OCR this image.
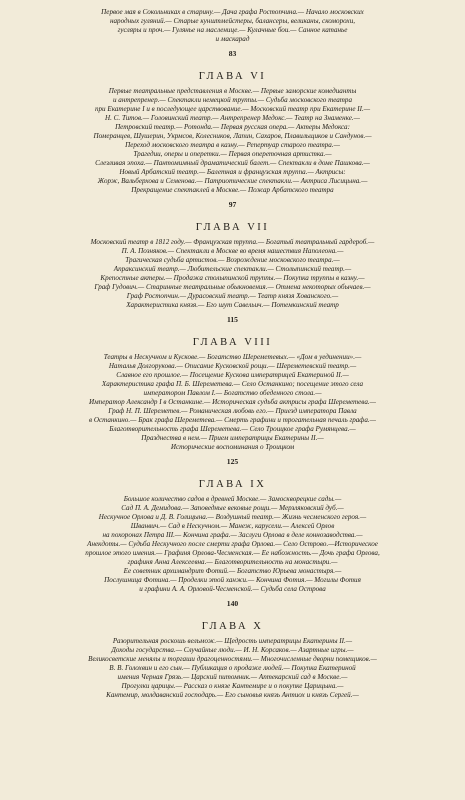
Первое мая в Сокольниках в старину.— Дача графа Ростопчина.— Начало московских
народных гуляний.— Старые кунштмейстеры, балансеры, великаны, скоморохи,
гусляры и проч.— Гулянье на масленице.— Кулачные бои.— Санное катанье
и маскарад
83
ГЛАВА VI
Первые театральные представления в Москве.— Первые заморские комедианты
и антрепренер.— Спектакли немецкой труппы.— Судьба московского театра
при Екатерине I и в последующее царствование.— Московский театр при Екатерине II.—
Н. С. Титов.— Головинский театр.— Антрепренер Медокс.— Театр на Знаменке.—
Петровский театр.— Ротонда.— Первая русская опера.— Актеры Медокса:
Померанцев, Шушерин, Укрмсов, Колесников, Лапин, Сахаров, Плавильщиков и Сандунов.—
Переход московского театра в казну.— Репертуар старого театра.—
Трагедии, оперы и оперетки.— Первая опереточная артистка.—
Слезливая эпоха.— Пантомимный драматический балет.— Спектакли в доме Пашкова.—
Новый Арбатский театр.— Балетная и французская труппа.— Актрисы:
Жорж, Вальберхова и Семенова.— Патриотические спектакли.— Актриса Лисицына.—
Прекращение спектаклей в Москве.— Пожар Арбатского театра
97
ГЛАВА VII
Московский театр в 1812 году.— Французская труппа.— Богатый театральный гардероб.—
П. А. Позняков.— Спектакли в Москве во время нашествия Наполеона.—
Трагическая судьба артистов.— Возрождение московского театра.—
Апраксинский театр.— Любительские спектакли.— Столыпинский театр.—
Крепостные актеры.— Продажа столыпинской труппы.— Покупка труппы в казну.—
Граф Гудович.— Старинные театральные обыкновения.— Отмена некоторых обычаев.—
Граф Ростопчин.— Дурасовский театр.— Театр князя Хованского.—
Характеристика князя.— Его шут Савельич.— Потемкинский театр
115
ГЛАВА VIII
Театры в Нескучном и Кускове.— Богатство Шереметевых.— «Дом в уединении».—
Наталья Долгорукова.— Описание Кусковской рощи.— Шереметевский театр.—
Славное его прошлое.— Посещение Кускова императрицей Екатериной II.—
Характеристика графа П. Б. Шереметева.— Село Останкино; посещение этого села
императором Павлом I.— Богатство обеденного стола.—
Император Александр I в Останкине.— Историческая судьба актрисы графа Шереметева.—
Граф Н. П. Шереметев.— Романическая любовь его.— Приезд императора Павла
в Останкино.— Брак графа Шереметева.— Смерть графини и трогательная печаль графа.—
Благотворительность графа Шереметева.— Село Троицкое графа Румянцева.—
Празднества в нем.— Прием императрицы Екатерины II.—
Исторические воспоминания о Троицком
125
ГЛАВА IX
Большое количество садов в древней Москве.— Замоскворецкие сады.—
Сад П. А. Демидова.— Заповедные вековые рощи.— Мерзляковский дуб.—
Нескучное Орлова и Д. В. Голицына.— Воздушный театр.— Жизнь чесменского героя.—
Шванвич.— Сад в Нескучном.— Манеж, карусели.— Алексей Орлов
на похоронах Петра III.— Кончина графа.— Заслуги Орлова в деле коннозаводства.—
Анекдоты.— Судьба Нескучного после смерти графа Орлова.— Село Острово.—Историческое
прошлое этого имения.— Графиня Орлова-Чесменская.— Ее набожность.— Дочь графа Орлова,
графиня Анна Алексеевна.— Благотворительность на монастыри.—
Ее советник архимандрит Фотий.— Богатство Юрьева монастыря.—
Послушница Фотина.— Проделки этой ханжи.— Кончина Фотия.— Могилы Фотия
и графини А. А. Орловой-Чесменской.— Судьба села Острова
140
ГЛАВА X
Разорительная роскошь вельмож.— Щедрость императрицы Екатерины II.—
Доходы государства.— Случайные люди.— И. Н. Корсаков.— Азартные игры.—
Великосветские менялы и торгаши драгоценностями.— Многочисленные дворни помещиков.—
В. В. Голохвин и его сын.— Публикация о продаже людей.— Покупка Екатериной
имения Черная Грязь.— Царский питомник.— Аптекарский сад в Москве.—
Прогулки царицы.— Рассказ о князе Кантемире и о покупке Царицына.—
Кантемир, молдаванский господарь.— Его сыновья князь Антиох и князь Сергей.—
